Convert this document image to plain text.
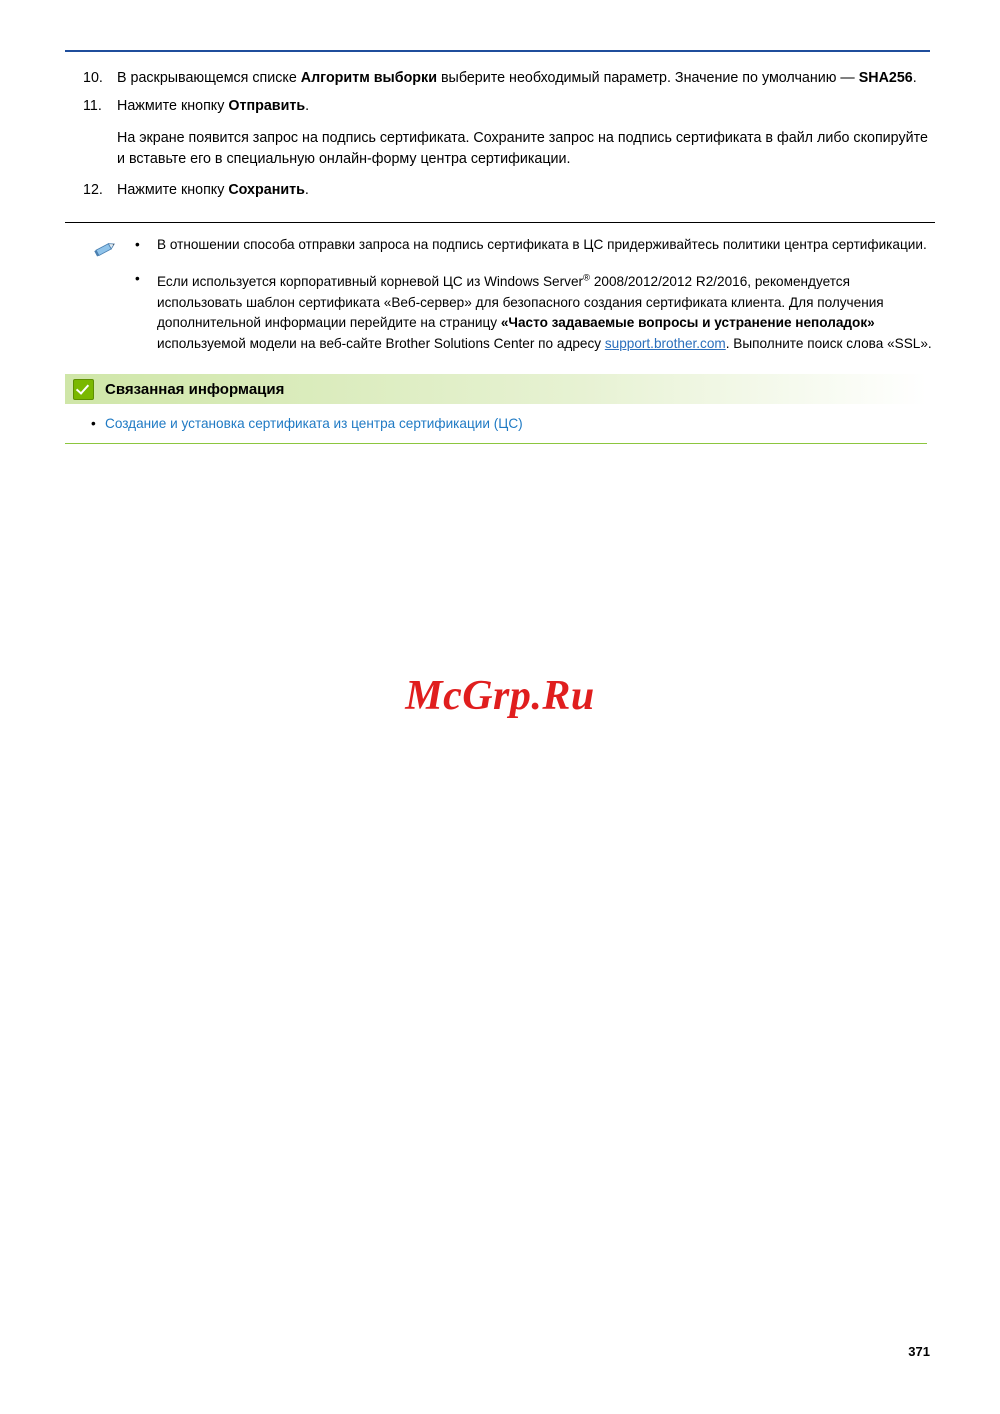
10. В раскрывающемся списке Алгоритм выборки выберите необходимый параметр. Значение по умолчанию — SHA256.
11.	Нажмите кнопку Отправить.
На экране появится запрос на подпись сертификата. Сохраните запрос на подпись сертификата в файл либо скопируйте и вставьте его в специальную онлайн-форму центра сертификации.
12. Нажмите кнопку Сохранить.
• В отношении способа отправки запроса на подпись сертификата в ЦС придерживайтесь политики центра сертификации.
• Если используется корпоративный корневой ЦС из Windows Server® 2008/2012/2012 R2/2016, рекомендуется использовать шаблон сертификата «Веб-сервер» для безопасного создания сертификата клиента. Для получения дополнительной информации перейдите на страницу «Часто задаваемые вопросы и устранение неполадок» используемой модели на веб-сайте Brother Solutions Center по адресу support.brother.com. Выполните поиск слова «SSL».
Связанная информация
• Создание и установка сертификата из центра сертификации (ЦС)
McGrp.Ru
371
